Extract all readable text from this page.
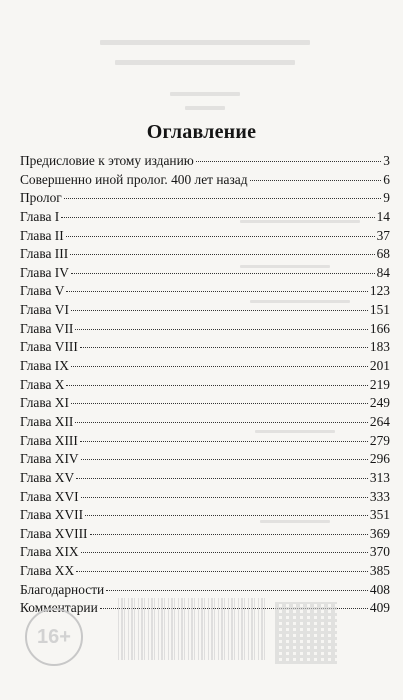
Оглавление
Предисловие к этому изданию	3
Совершенно иной пролог. 400 лет назад	6
Пролог	9
Глава I	14
Глава II	37
Глава III	68
Глава IV	84
Глава V	123
Глава VI	151
Глава VII	166
Глава VIII	183
Глава IX	201
Глава X	219
Глава XI	249
Глава XII	264
Глава XIII	279
Глава XIV	296
Глава XV	313
Глава XVI	333
Глава XVII	351
Глава XVIII	369
Глава XIX	370
Глава XX	385
Благодарности	408
Комментарии	409
16+
